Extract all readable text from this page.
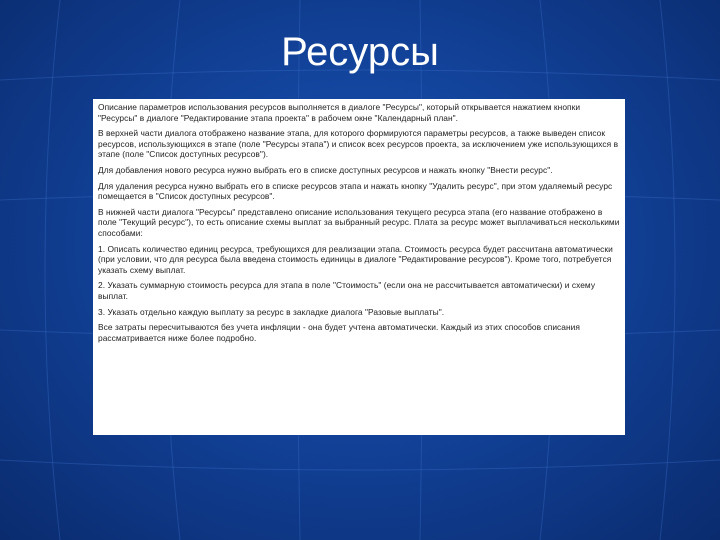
Ресурсы

Описание параметров использования ресурсов выполняется в диалоге "Ресурсы", который открывается нажатием кнопки "Ресурсы" в диалоге "Редактирование этапа проекта" в рабочем окне "Календарный план".

В верхней части диалога отображено название этапа, для которого формируются параметры ресурсов, а также выведен список ресурсов, использующихся в этапе (поле "Ресурсы этапа") и список всех ресурсов проекта, за исключением уже использующихся в этапе (поле "Список доступных ресурсов").

Для добавления нового ресурса нужно выбрать его в списке доступных ресурсов и нажать кнопку "Внести ресурс".

Для удаления ресурса нужно выбрать его в списке ресурсов этапа и нажать кнопку "Удалить ресурс", при этом удаляемый ресурс помещается в "Список доступных ресурсов".

В нижней части диалога "Ресурсы" представлено описание использования текущего ресурса этапа (его название отображено в поле "Текущий ресурс"), то есть описание схемы выплат за выбранный ресурс. Плата за ресурс может выплачиваться несколькими способами:

1. Описать количество единиц ресурса, требующихся для реализации этапа. Стоимость ресурса будет рассчитана автоматически (при условии, что для ресурса была введена стоимость единицы в диалоге "Редактирование ресурсов"). Кроме того, потребуется указать схему выплат.

2. Указать суммарную стоимость ресурса для этапа в поле "Стоимость" (если она не рассчитывается автоматически) и схему выплат.

3. Указать отдельно каждую выплату за ресурс в закладке диалога "Разовые выплаты".

Все затраты пересчитываются без учета инфляции - она будет учтена автоматически. Каждый из этих способов списания рассматривается ниже более подробно.
